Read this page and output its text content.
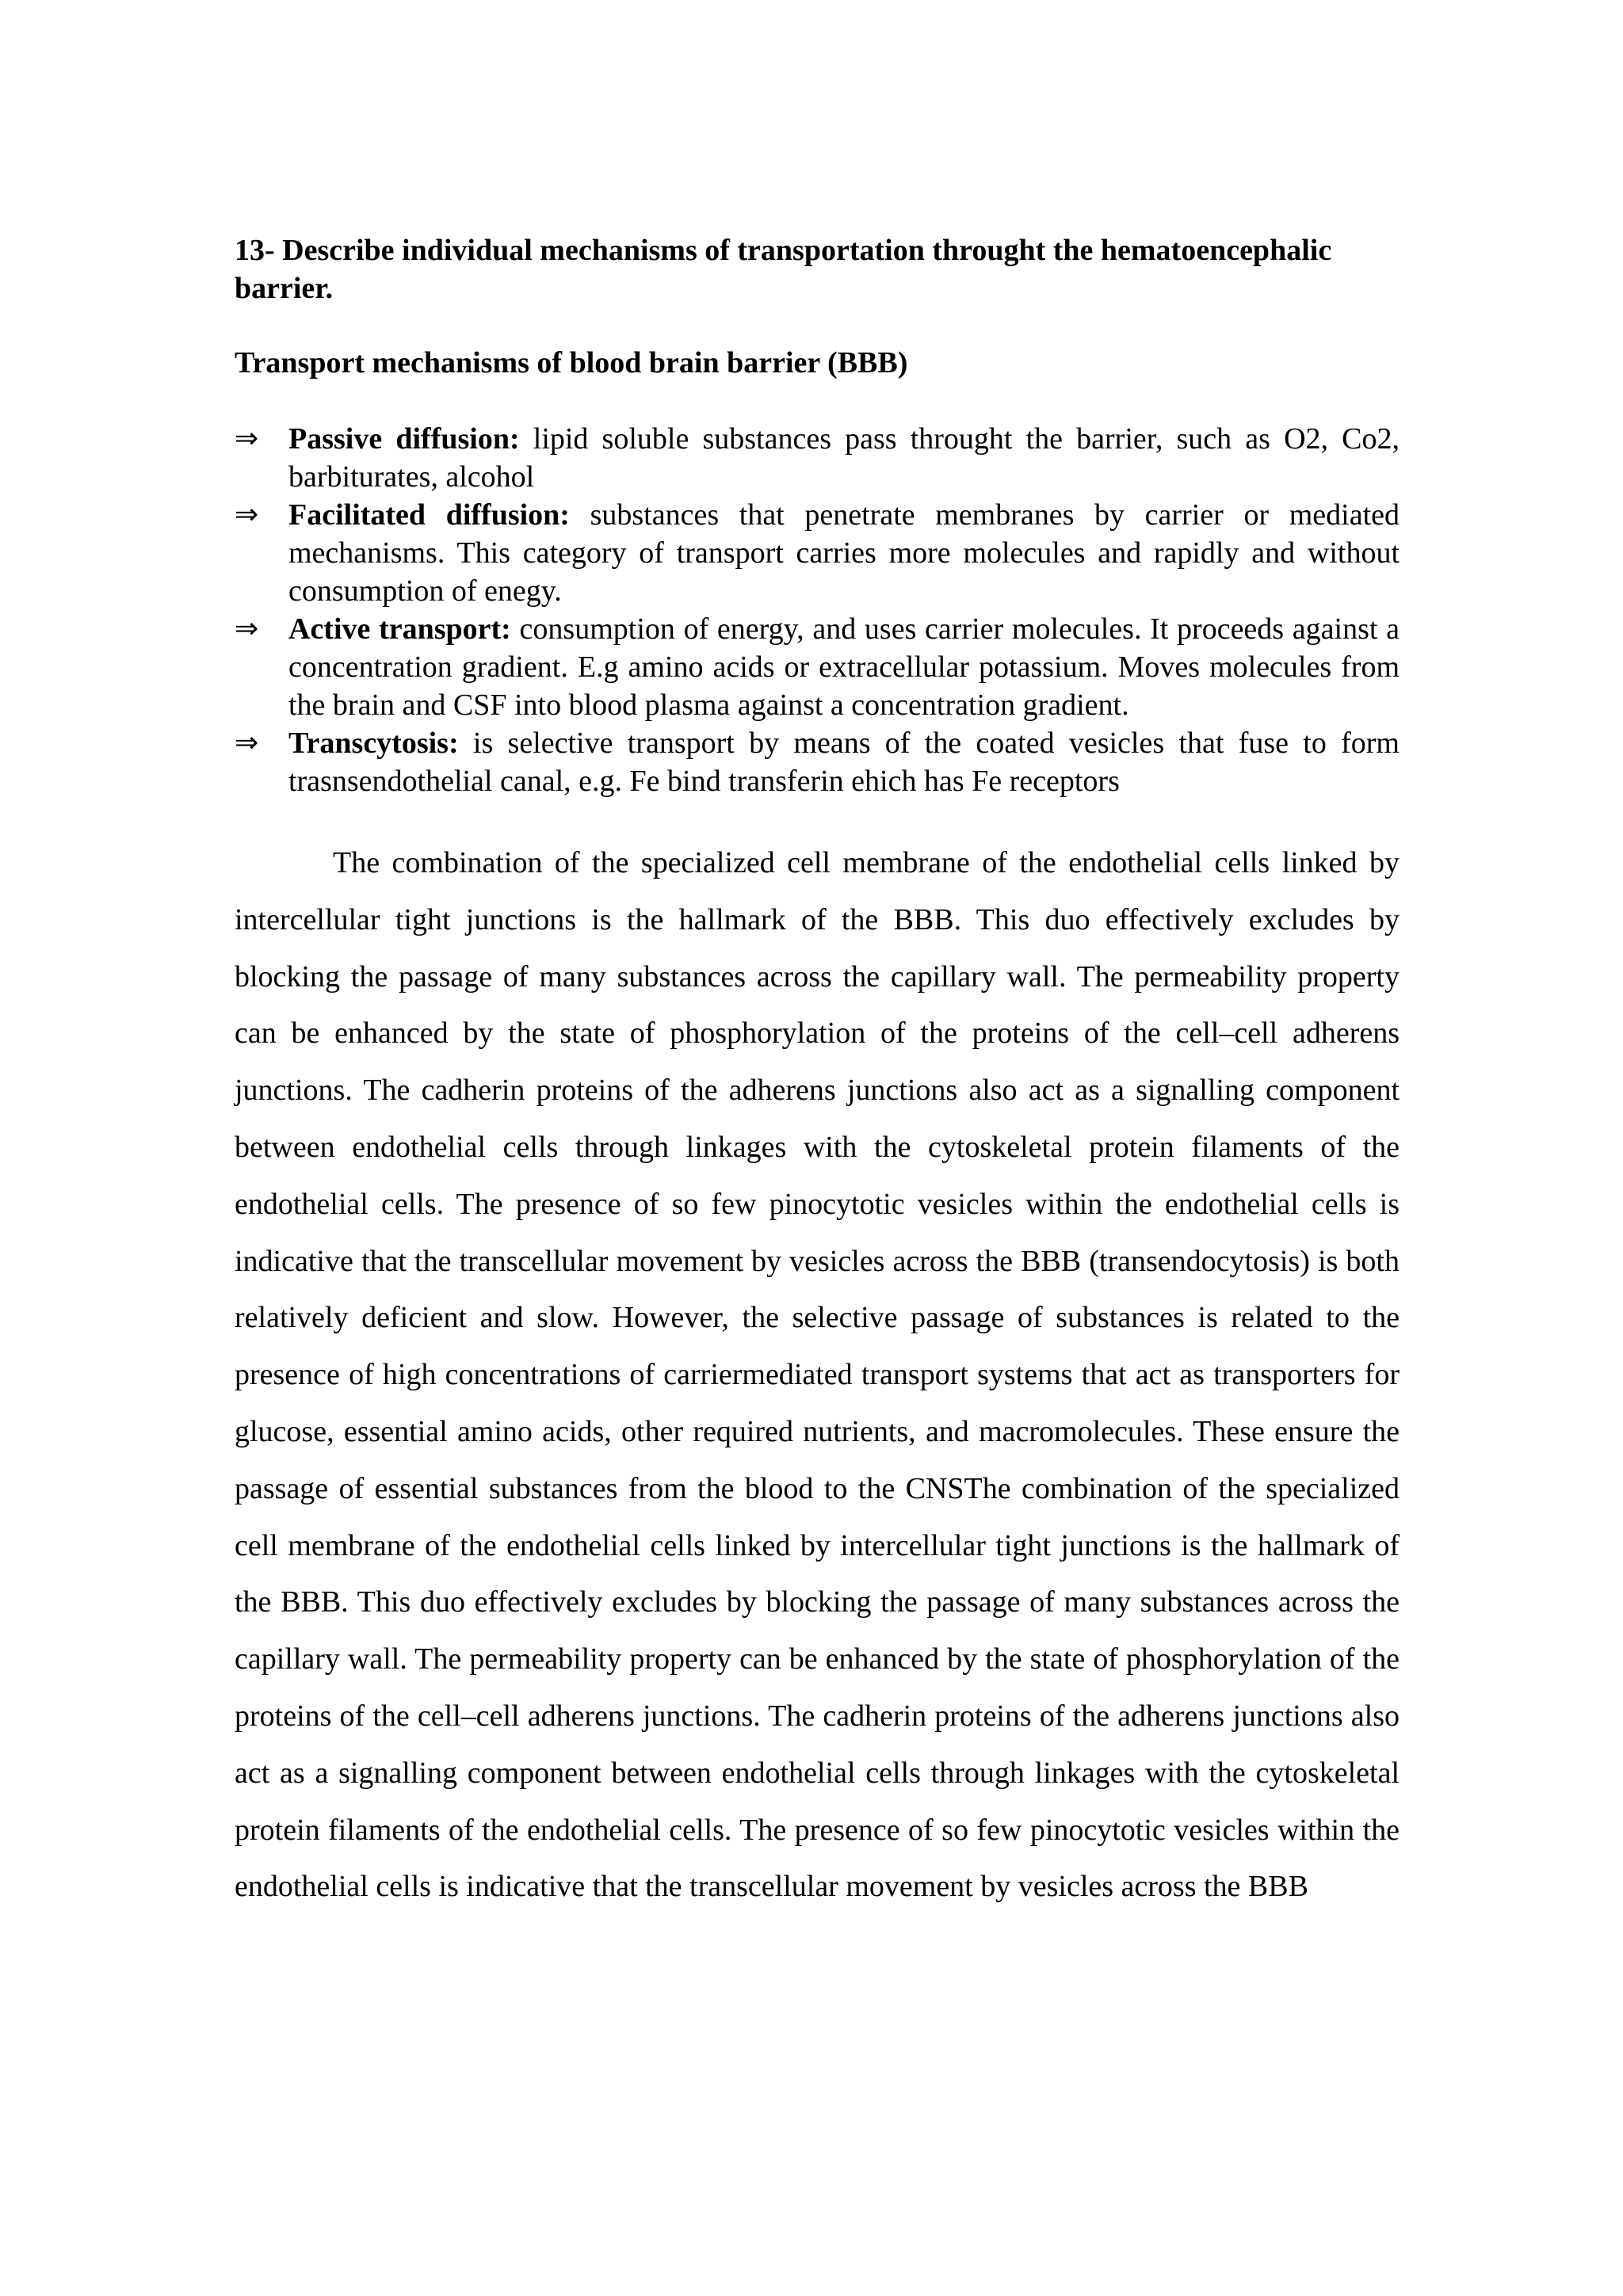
13- Describe individual mechanisms of transportation throught the hematoencephalic barrier.
Transport mechanisms of blood brain barrier (BBB)
⇒ Passive diffusion: lipid soluble substances pass throught the barrier, such as O2, Co2, barbiturates, alcohol
⇒ Facilitated diffusion: substances that penetrate membranes by carrier or mediated mechanisms. This category of transport carries more molecules and rapidly and without consumption of enegy.
⇒ Active transport: consumption of energy, and uses carrier molecules. It proceeds against a concentration gradient. E.g amino acids or extracellular potassium. Moves molecules from the brain and CSF into blood plasma against a concentration gradient.
⇒ Transcytosis: is selective transport by means of the coated vesicles that fuse to form trasnsendothelial canal, e.g. Fe bind transferin ehich has Fe receptors

The combination of the specialized cell membrane of the endothelial cells linked by intercellular tight junctions is the hallmark of the BBB. This duo effectively excludes by blocking the passage of many substances across the capillary wall. The permeability property can be enhanced by the state of phosphorylation of the proteins of the cell–cell adherens junctions. The cadherin proteins of the adherens junctions also act as a signalling component between endothelial cells through linkages with the cytoskeletal protein filaments of the endothelial cells. The presence of so few pinocytotic vesicles within the endothelial cells is indicative that the transcellular movement by vesicles across the BBB (transendocytosis) is both relatively deficient and slow. However, the selective passage of substances is related to the presence of high concentrations of carriermediated transport systems that act as transporters for glucose, essential amino acids, other required nutrients, and macromolecules. These ensure the passage of essential substances from the blood to the CNSThe combination of the specialized cell membrane of the endothelial cells linked by intercellular tight junctions is the hallmark of the BBB. This duo effectively excludes by blocking the passage of many substances across the capillary wall. The permeability property can be enhanced by the state of phosphorylation of the proteins of the cell–cell adherens junctions. The cadherin proteins of the adherens junctions also act as a signalling component between endothelial cells through linkages with the cytoskeletal protein filaments of the endothelial cells. The presence of so few pinocytotic vesicles within the endothelial cells is indicative that the transcellular movement by vesicles across the BBB
